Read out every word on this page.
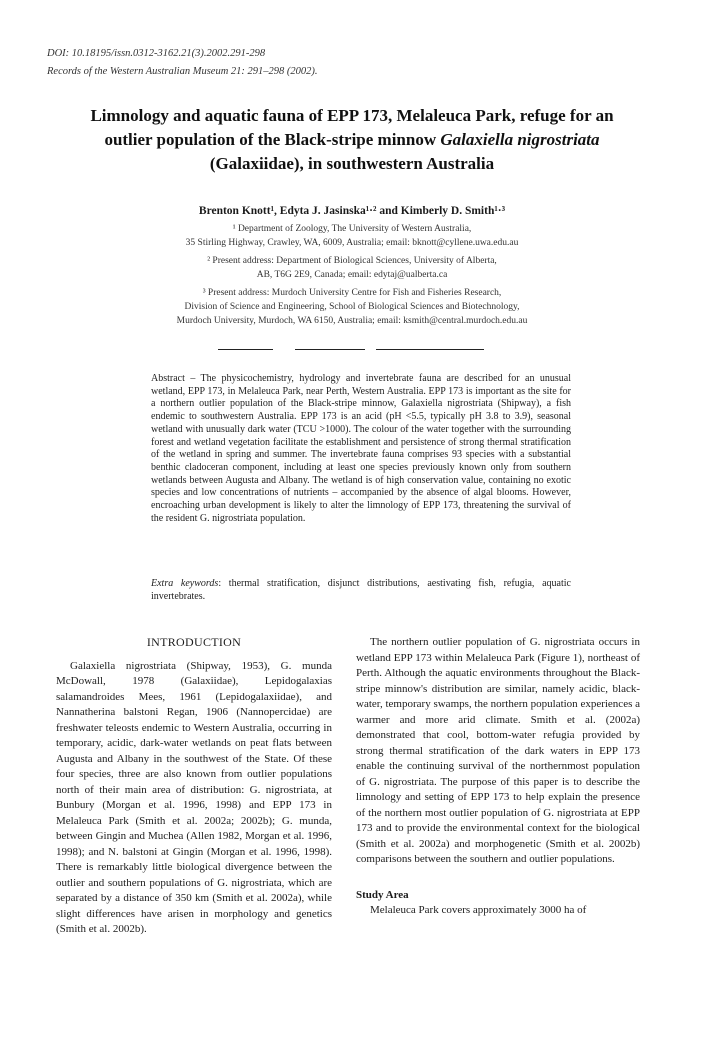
DOI: 10.18195/issn.0312-3162.21(3).2002.291-298
Records of the Western Australian Museum 21: 291–298 (2002).
Limnology and aquatic fauna of EPP 173, Melaleuca Park, refuge for an
outlier population of the Black-stripe minnow Galaxiella nigrostriata
(Galaxiidae), in southwestern Australia
Brenton Knott¹, Edyta J. Jasinska¹·² and Kimberly D. Smith¹·³
¹ Department of Zoology, The University of Western Australia,
35 Stirling Highway, Crawley, WA, 6009, Australia; email: bknott@cyllene.uwa.edu.au
² Present address: Department of Biological Sciences, University of Alberta,
AB, T6G 2E9, Canada; email: edytaj@ualberta.ca
³ Present address: Murdoch University Centre for Fish and Fisheries Research,
Division of Science and Engineering, School of Biological Sciences and Biotechnology,
Murdoch University, Murdoch, WA 6150, Australia; email: ksmith@central.murdoch.edu.au
Abstract – The physicochemistry, hydrology and invertebrate fauna are described for an unusual wetland, EPP 173, in Melaleuca Park, near Perth, Western Australia. EPP 173 is important as the site for a northern outlier population of the Black-stripe minnow, Galaxiella nigrostriata (Shipway), a fish endemic to southwestern Australia. EPP 173 is an acid (pH <5.5, typically pH 3.8 to 3.9), seasonal wetland with unusually dark water (TCU >1000). The colour of the water together with the surrounding forest and wetland vegetation facilitate the establishment and persistence of strong thermal stratification of the wetland in spring and summer. The invertebrate fauna comprises 93 species with a substantial benthic cladoceran component, including at least one species previously known only from southern wetlands between Augusta and Albany. The wetland is of high conservation value, containing no exotic species and low concentrations of nutrients – accompanied by the absence of algal blooms. However, encroaching urban development is likely to alter the limnology of EPP 173, threatening the survival of the resident G. nigrostriata population.
Extra keywords: thermal stratification, disjunct distributions, aestivating fish, refugia, aquatic invertebrates.
INTRODUCTION

Galaxiella nigrostriata (Shipway, 1953), G. munda McDowall, 1978 (Galaxiidae), Lepidogalaxias salamandroides Mees, 1961 (Lepidogalaxiidae), and Nannatherina balstoni Regan, 1906 (Nannopercidae) are freshwater teleosts endemic to Western Australia, occurring in temporary, acidic, dark-water wetlands on peat flats between Augusta and Albany in the southwest of the State. Of these four species, three are also known from outlier populations north of their main area of distribution: G. nigrostriata, at Bunbury (Morgan et al. 1996, 1998) and EPP 173 in Melaleuca Park (Smith et al. 2002a; 2002b); G. munda, between Gingin and Muchea (Allen 1982, Morgan et al. 1996, 1998); and N. balstoni at Gingin (Morgan et al. 1996, 1998). There is remarkably little biological divergence between the outlier and southern populations of G. nigrostriata, which are separated by a distance of 350 km (Smith et al. 2002a), while slight differences have arisen in morphology and genetics (Smith et al. 2002b).

The northern outlier population of G. nigrostriata occurs in wetland EPP 173 within Melaleuca Park (Figure 1), northeast of Perth. Although the aquatic environments throughout the Black-stripe minnow's distribution are similar, namely acidic, black-water, temporary swamps, the northern population experiences a warmer and more arid climate. Smith et al. (2002a) demonstrated that cool, bottom-water refugia provided by strong thermal stratification of the dark waters in EPP 173 enable the continuing survival of the northernmost population of G. nigrostriata. The purpose of this paper is to describe the limnology and setting of EPP 173 to help explain the presence of the northern most outlier population of G. nigrostriata at EPP 173 and to provide the environmental context for the biological (Smith et al. 2002a) and morphogenetic (Smith et al. 2002b) comparisons between the southern and outlier populations.

Study Area

Melaleuca Park covers approximately 3000 ha of
